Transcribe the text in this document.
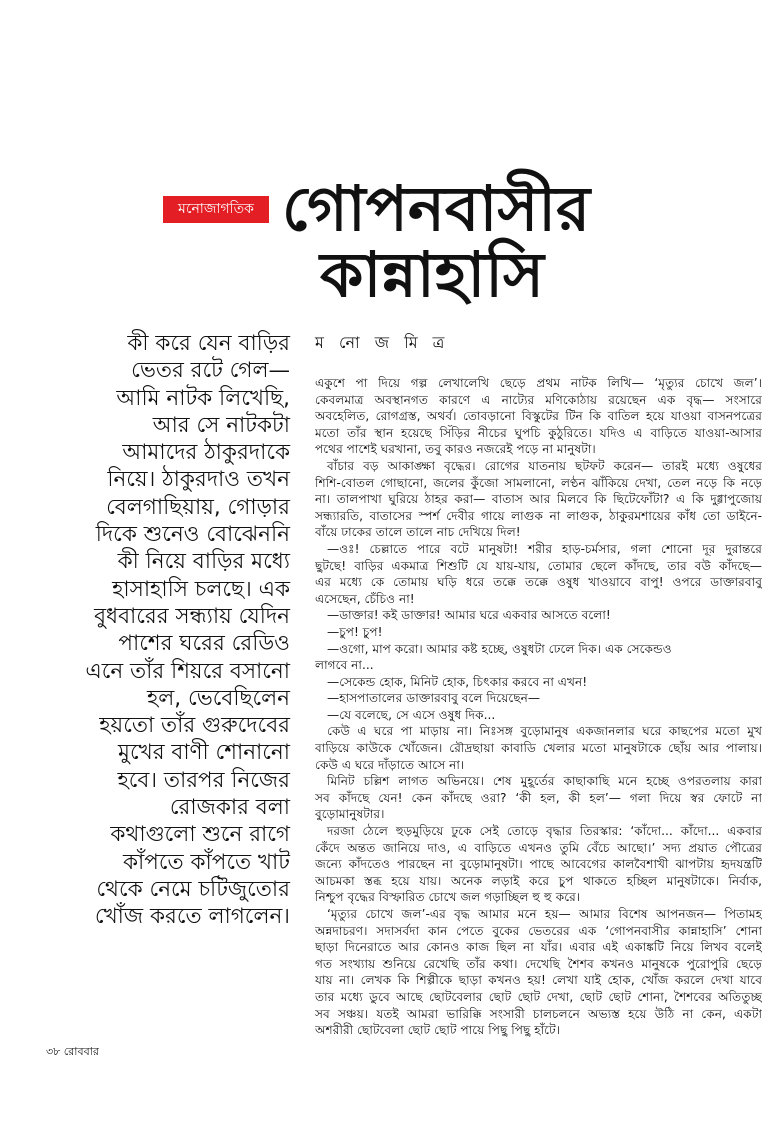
মনোজাগতিক গোপনবাসীর
কান্নাহাসি
ম নো জ মি ত্র
কী করে যেন বাড়ির
ভেতর রটে গেল—
আমি নাটক লিখেছি,
আর সে নাটকটা
আমাদের ঠাকুরদাকে
নিয়ে। ঠাকুরদাও তখন
বেলগাছিয়ায়, গোড়ার
দিকে শুনেও বোঝেননি
কী নিয়ে বাড়ির মধ্যে
হাসাহাসি চলছে। এক
বুধবারের সন্ধ্যায় যেদিন
পাশের ঘরের রেডিও
এনে তাঁর শিয়রে বসানো
হল, ভেবেছিলেন
হয়তো তাঁর গুরুদেবের
মুখের বাণী শোনানো
হবে। তারপর নিজের
রোজকার বলা
কথাগুলো শুনে রাগে
কাঁপতে কাঁপতে খাট
থেকে নেমে চটিজুতোর
খোঁজ করতে লাগলেন।
একুশে পা দিয়ে গল্প লেখালেখি ছেড়ে প্রথম নাটক লিখি— ‘মৃত্যুর চোখে জল’।
কেবলমাত্র অবস্থানগত কারণে এ নাট্যের মণিকোঠায় রয়েছেন এক বৃদ্ধ— সংসারে
অবহেলিত, রোগগ্রস্ত, অথর্ব। তোবড়ানো বিস্কুটের টিন কি বাতিল হয়ে যাওয়া বাসনপত্রের
মতো তাঁর স্থান হয়েছে সিঁড়ির নীচের ঘুপচি কুঠুরিতে। যদিও এ বাড়িতে যাওয়া-আসার
পথের পাশেই ঘরখানা, তবু কারও নজরেই পড়ে না মানুষটা।
বাঁচার বড় আকাঙ্ক্ষা বৃদ্ধের। রোগের যাতনায় ছটফট করেন— তারই মধ্যে ওষুধের
শিশি-বোতল গোছানো, জলের কুঁজো সামলানো, লণ্ঠন ঝাঁকিয়ে দেখা, তেল নড়ে কি নড়ে
না। তালপাখা ঘুরিয়ে ঠাহর করা— বাতাস আর মিলবে কি ছিটেফোঁটা? এ কি দুগ্গাপুজোয়
সন্ধ্যারতি, বাতাসের স্পর্শ দেবীর গায়ে লাগুক না লাগুক, ঠাকুরমশায়ের কাঁধ তো ডাইনে-
বাঁয়ে ঢাকের তালে তালে নাচ দেখিয়ে দিল!
—ওঃ! চেল্লাতে পারে বটে মানুষটা! শরীর হাড়-চর্মসার, গলা শোনো দূর দুরান্তরে
ছুটছে! বাড়ির একমাত্র শিশুটি যে যায়-যায়, তোমার ছেলে কাঁদছে, তার বউ কাঁদছে—
এর মধ্যে কে তোমায় ঘড়ি ধরে তক্কে তক্কে ওষুধ খাওয়াবে বাপু! ওপরে ডাক্তারবাবু
এসেছেন, চেঁচিও না!
—ডাক্তার! কই ডাক্তার! আমার ঘরে একবার আসতে বলো!
—চুপ! চুপ!
—ওগো, মাপ করো। আমার কষ্ট হচ্ছে, ওষুধটা ঢেলে দিক। এক সেকেন্ডও
লাগবে না...
—সেকেন্ড হোক, মিনিট হোক, চিৎকার করবে না এখন!
—হাসপাতালের ডাক্তারবাবু বলে দিয়েছেন—
—যে বলেছে, সে এসে ওষুধ দিক...
কেউ এ ঘরে পা মাড়ায় না। নিঃসঙ্গ বুড়োমানুষ একজানলার ঘরে কাছপের মতো মুখ
বাড়িয়ে কাউকে খোঁজেন। রৌদ্রছায়া কাবাডি খেলার মতো মানুষটাকে ছোঁয় আর পালায়।
কেউ এ ঘরে দাঁড়াতে আসে না।
মিনিট চল্লিশ লাগত অভিনয়ে। শেষ মুহূর্তের কাছাকাছি মনে হচ্ছে ওপরতলায় কারা
সব কাঁদছে যেন! কেন কাঁদছে ওরা? ‘কী হল, কী হল’— গলা দিয়ে স্বর ফোটে না
বুড়োমানুষটার।
দরজা ঠেলে হুড়মুড়িয়ে ঢুকে সেই তোড়ে বৃদ্ধার তিরস্কার: ‘কাঁদো... কাঁদো... একবার
কেঁদে অন্তত জানিয়ে দাও, এ বাড়িতে এখনও তুমি বেঁচে আছো।’ সদ্য প্রয়াত পৌত্রের
জন্যে কাঁদতেও পারছেন না বুড়োমানুষটা। পাছে আবেগের কালবৈশাখী ঝাপটায় হৃদযন্ত্রটি
আচমকা স্তব্ধ হয়ে যায়। অনেক লড়াই করে চুপ থাকতে হচ্ছিল মানুষটাকে। নির্বাক,
নিশ্চুপ বৃদ্ধের বিস্ফারিত চোখে জল গড়াচ্ছিল হু হু করে।
‘মৃত্যুর চোখে জল’-এর বৃদ্ধ আমার মনে হয়— আমার বিশেষ আপনজন— পিতামহ
অন্নদাচরণ। সদাসর্বদা কান পেতে বুকের ভেতরের এক ‘গোপনবাসীর কান্নাহাসি’ শোনা
ছাড়া দিনেরাতে আর কোনও কাজ ছিল না যাঁর। এবার এই একাঙ্কটি নিয়ে লিখব বলেই
গত সংখ্যায় শুনিয়ে রেখেছি তাঁর কথা। দেখেছি শৈশব কখনও মানুষকে পুরোপুরি ছেড়ে
যায় না। লেখক কি শিল্পীকে ছাড়া কখনও হয়! লেখা যাই হোক, খোঁজ করলে দেখা যাবে
তার মধ্যে ডুবে আছে ছোটবেলার ছোট ছোট দেখা, ছোট ছোট শোনা, শৈশবের অতিতুচ্ছ
সব সঞ্চয়। যতই আমরা ভারিক্কি সংসারী চালচলনে অভ্যস্ত হয়ে উঠি না কেন, একটা
অশরীরী ছোটবেলা ছোট ছোট পায়ে পিছু পিছু হাঁটে।
৩৮ রোববার
